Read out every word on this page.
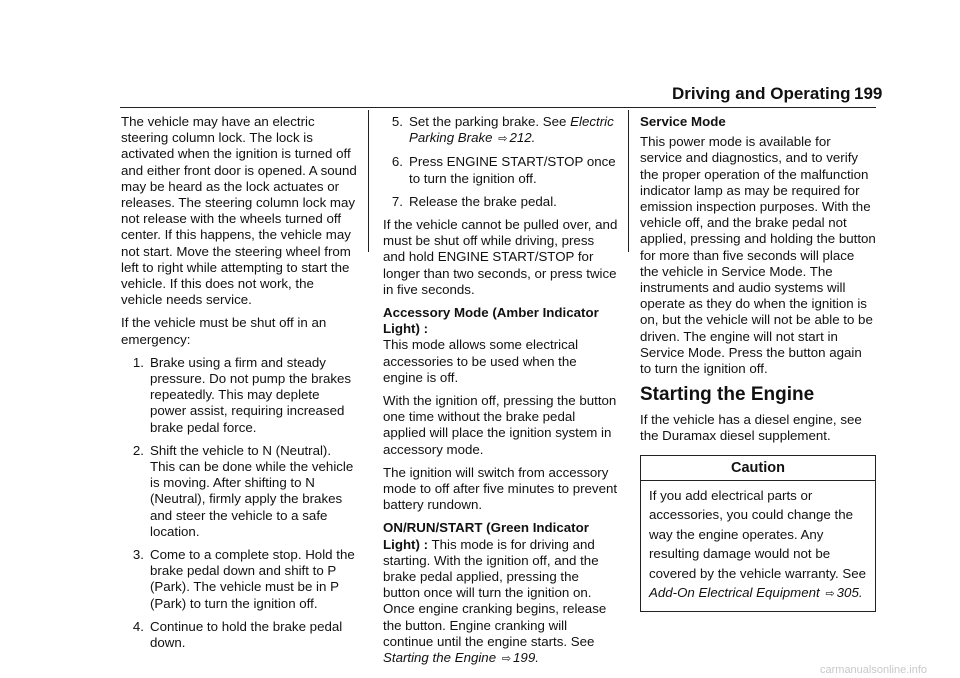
Driving and Operating 199

The vehicle may have an electric steering column lock. The lock is activated when the ignition is turned off and either front door is opened. A sound may be heard as the lock actuates or releases. The steering column lock may not release with the wheels turned off center. If this happens, the vehicle may not start. Move the steering wheel from left to right while attempting to start the vehicle. If this does not work, the vehicle needs service.

If the vehicle must be shut off in an emergency:

1. Brake using a firm and steady pressure. Do not pump the brakes repeatedly. This may deplete power assist, requiring increased brake pedal force.
2. Shift the vehicle to N (Neutral). This can be done while the vehicle is moving. After shifting to N (Neutral), firmly apply the brakes and steer the vehicle to a safe location.
3. Come to a complete stop. Hold the brake pedal down and shift to P (Park). The vehicle must be in P (Park) to turn the ignition off.
4. Continue to hold the brake pedal down.
5. Set the parking brake. See Electric Parking Brake ⇨ 212.
6. Press ENGINE START/STOP once to turn the ignition off.
7. Release the brake pedal.

If the vehicle cannot be pulled over, and must be shut off while driving, press and hold ENGINE START/STOP for longer than two seconds, or press twice in five seconds.

Accessory Mode (Amber Indicator Light) :
This mode allows some electrical accessories to be used when the engine is off.

With the ignition off, pressing the button one time without the brake pedal applied will place the ignition system in accessory mode.

The ignition will switch from accessory mode to off after five minutes to prevent battery rundown.

ON/RUN/START (Green Indicator Light) : This mode is for driving and starting. With the ignition off, and the brake pedal applied, pressing the button once will turn the ignition on. Once engine cranking begins, release the button. Engine cranking will continue until the engine starts. See Starting the Engine ⇨ 199.

Service Mode

This power mode is available for service and diagnostics, and to verify the proper operation of the malfunction indicator lamp as may be required for emission inspection purposes. With the vehicle off, and the brake pedal not applied, pressing and holding the button for more than five seconds will place the vehicle in Service Mode. The instruments and audio systems will operate as they do when the ignition is on, but the vehicle will not be able to be driven. The engine will not start in Service Mode. Press the button again to turn the ignition off.

Starting the Engine

If the vehicle has a diesel engine, see the Duramax diesel supplement.

Caution
If you add electrical parts or accessories, you could change the way the engine operates. Any resulting damage would not be covered by the vehicle warranty. See Add-On Electrical Equipment ⇨ 305.
carmanualsonline.info
